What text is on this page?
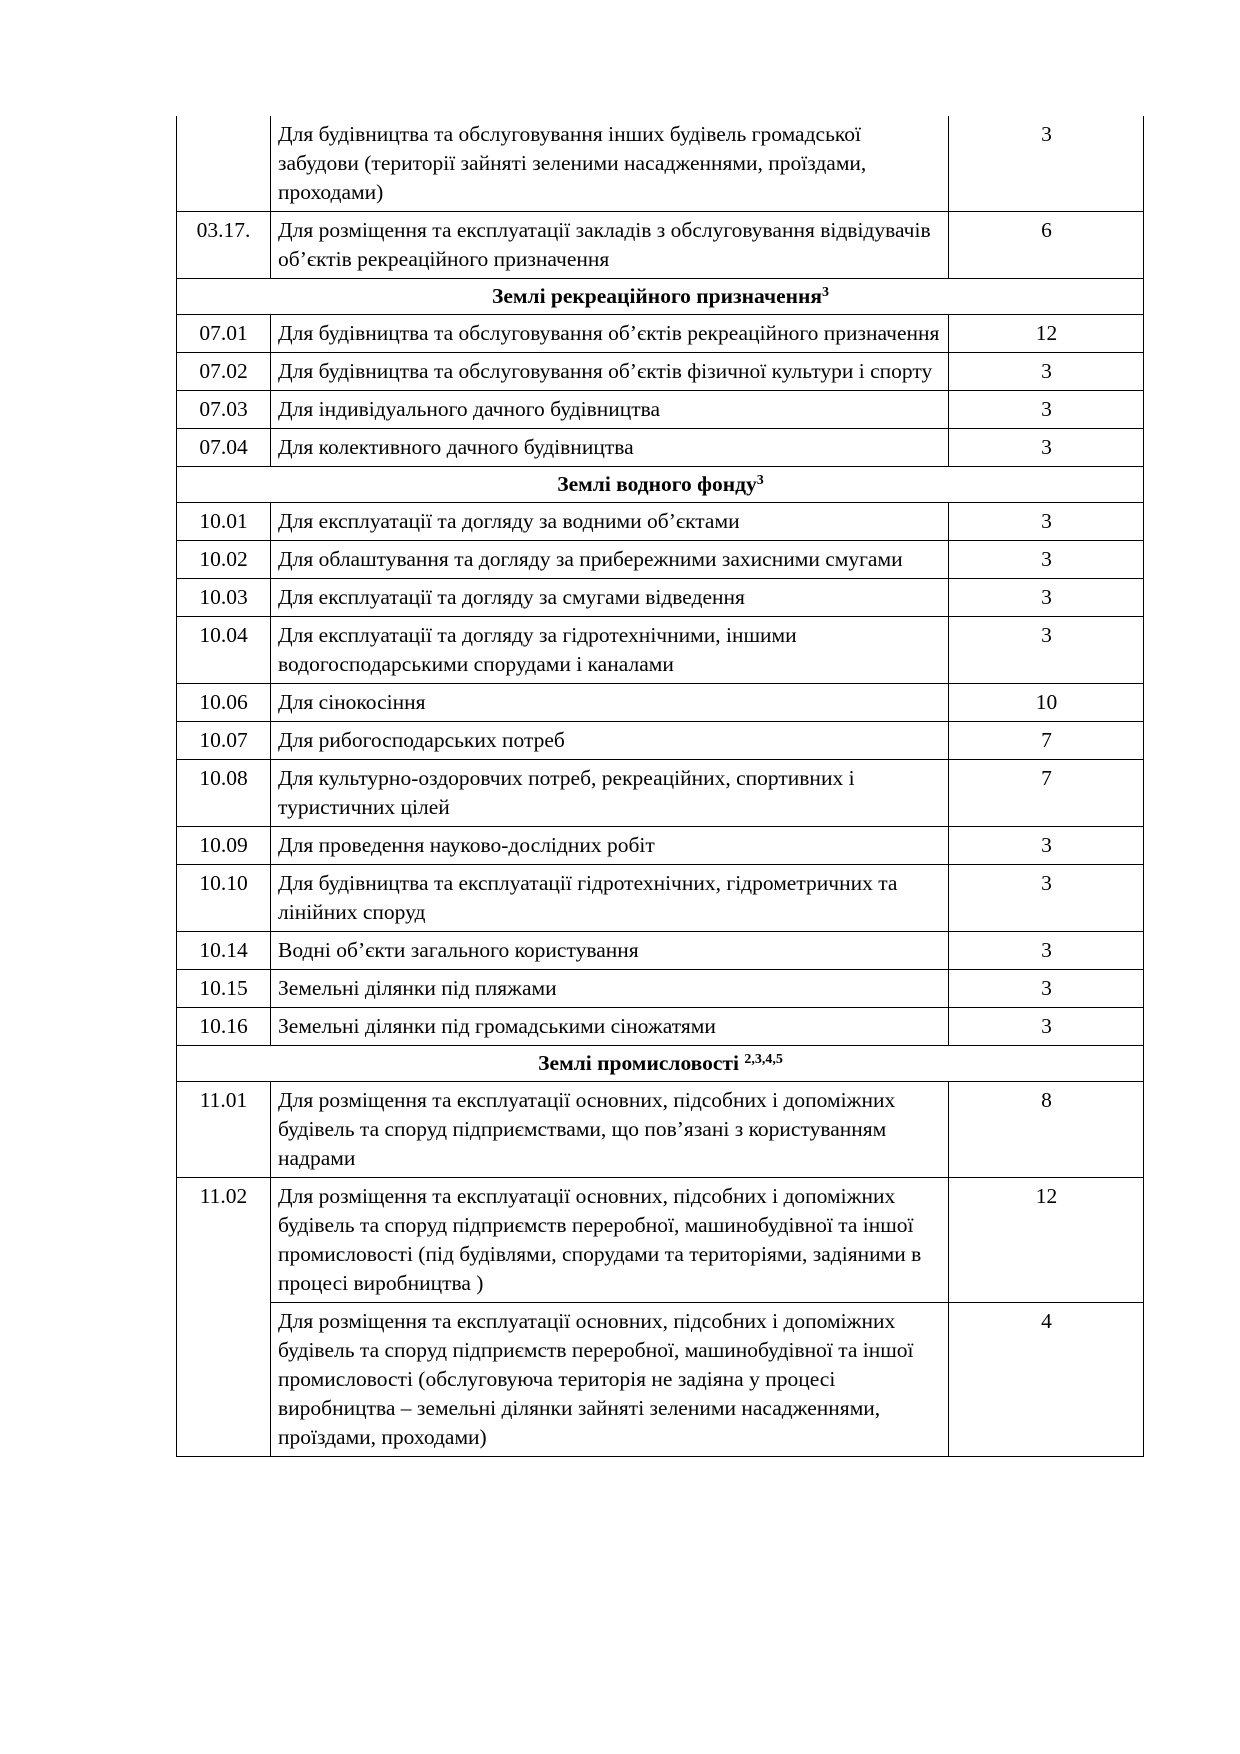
	Для будівництва та обслуговування інших будівель громадської забудови (території зайняті зеленими насадженнями, проїздами, проходами)	3
03.17.	Для розміщення та експлуатації закладів з обслуговування відвідувачів об’єктів рекреаційного призначення	6
Землі рекреаційного призначення$^3$
07.01	Для будівництва та обслуговування об’єктів рекреаційного призначення	12
07.02	Для будівництва та обслуговування об’єктів фізичної культури і спорту	3
07.03	Для індивідуального дачного будівництва	3
07.04	Для колективного дачного будівництва	3
Землі водного фонду$^3$
10.01	Для експлуатації та догляду за водними об’єктами	3
10.02	Для облаштування та догляду за прибережними захисними смугами	3
10.03	Для експлуатації та догляду за смугами відведення	3
10.04	Для експлуатації та догляду за гідротехнічними, іншими водогосподарськими спорудами і каналами	3
10.06	Для сінокосіння	10
10.07	Для рибогосподарських потреб	7
10.08	Для культурно-оздоровчих потреб, рекреаційних, спортивних і туристичних цілей	7
10.09	Для проведення науково-дослідних робіт	3
10.10	Для будівництва та експлуатації гідротехнічних, гідрометричних та лінійних споруд	3
10.14	Водні об’єкти загального користування	3
10.15	Земельні ділянки під пляжами	3
10.16	Земельні ділянки під громадськими сіножатями	3
Землі промисловості $^{2,3,4,5}$
11.01	Для розміщення та експлуатації основних, підсобних і допоміжних будівель та споруд підприємствами, що пов’язані з користуванням надрами	8
11.02	Для розміщення та експлуатації основних, підсобних і допоміжних будівель та споруд підприємств переробної, машинобудівної та іншої промисловості (під будівлями, спорудами та територіями, задіяними в процесі виробництва )	12
	Для розміщення та експлуатації основних, підсобних і допоміжних будівель та споруд підприємств переробної, машинобудівної та іншої промисловості (обслуговуюча територія не задіяна у процесі виробництва – земельні ділянки зайняті зеленими насадженнями, проїздами, проходами)	4
